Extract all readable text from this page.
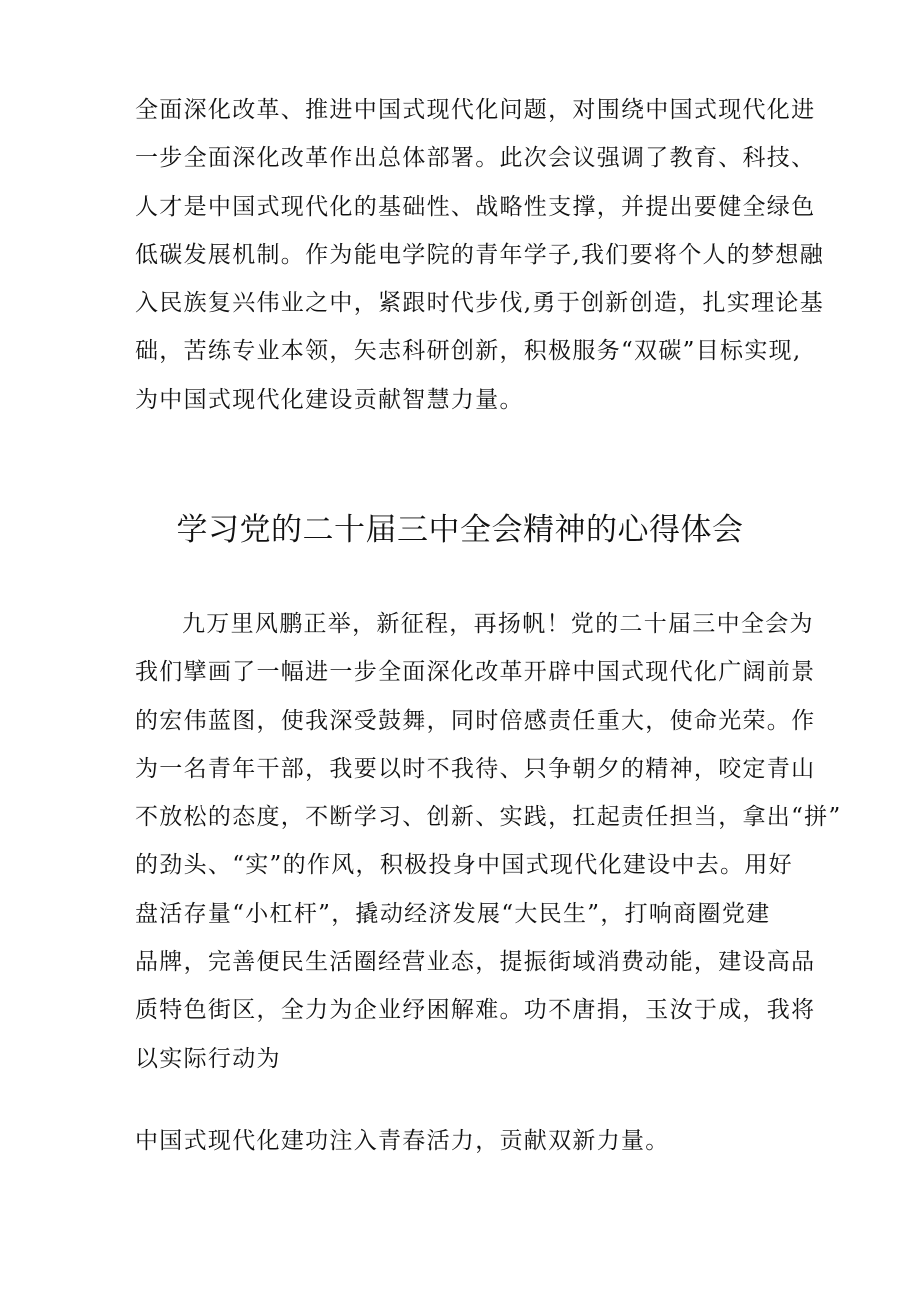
全面深化改革、推进中国式现代化问题，对围绕中国式现代化进
一步全面深化改革作出总体部署。此次会议强调了教育、科技、
人才是中国式现代化的基础性、战略性支撑，并提出要健全绿色
低碳发展机制。作为能电学院的青年学子,我们要将个人的梦想融
入民族复兴伟业之中，紧跟时代步伐,勇于创新创造，扎实理论基
础，苦练专业本领，矢志科研创新，积极服务“双碳”目标实现,
为中国式现代化建设贡献智慧力量。
学习党的二十届三中全会精神的心得体会
九万里风鹏正举，新征程，再扬帆！党的二十届三中全会为
我们擘画了一幅进一步全面深化改革开辟中国式现代化广阔前景
的宏伟蓝图，使我深受鼓舞，同时倍感责任重大，使命光荣。作
为一名青年干部，我要以时不我待、只争朝夕的精神，咬定青山
不放松的态度，不断学习、创新、实践，扛起责任担当，拿出“拼”
的劲头、“实”的作风，积极投身中国式现代化建设中去。用好
盘活存量“小杠杆”，撬动经济发展“大民生”，打响商圈党建
品牌，完善便民生活圈经营业态，提振街域消费动能，建设高品
质特色街区，全力为企业纾困解难。功不唐捐，玉汝于成，我将
以实际行动为
中国式现代化建功注入青春活力，贡献双新力量。
